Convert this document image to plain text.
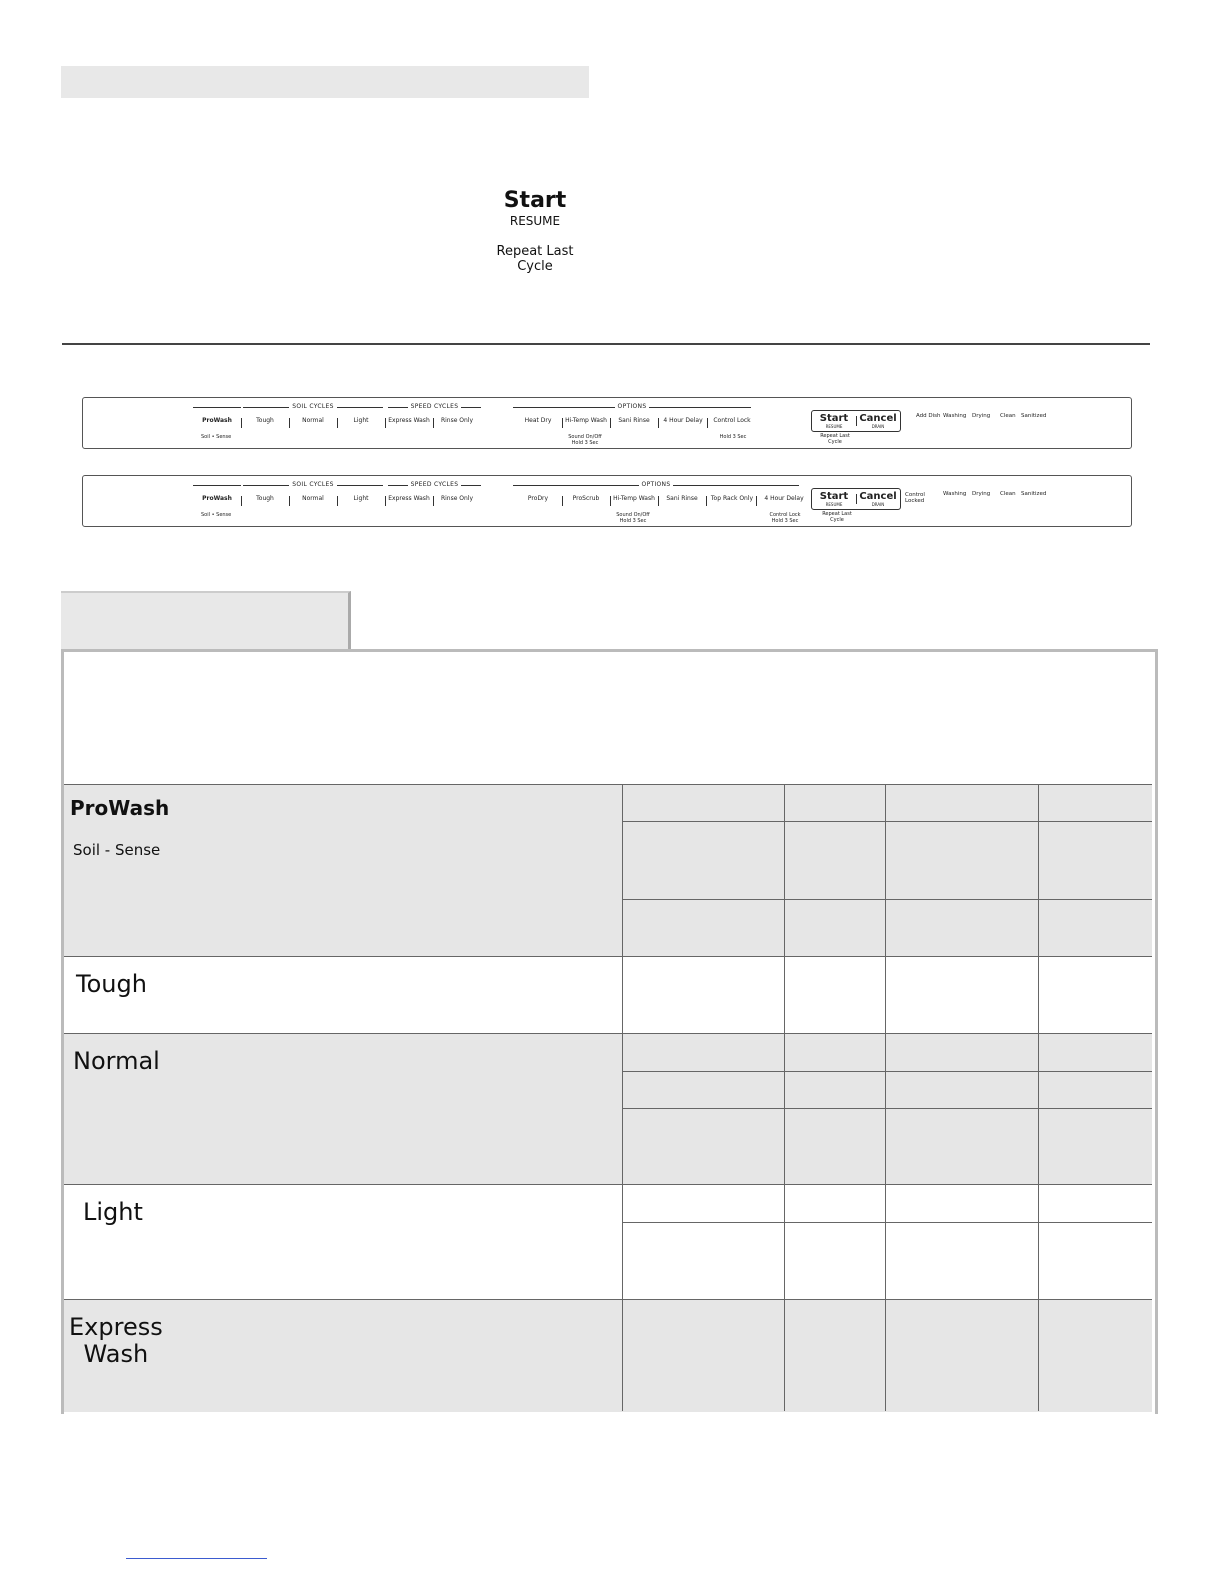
Start
RESUME
Repeat Last
Cycle
SOIL CYCLES	SPEED CYCLES	OPTIONS
ProWash	Tough	Normal	Light	Express Wash	Rinse Only	Heat Dry	Hi-Temp Wash	Sani Rinse	4 Hour Delay	Control Lock
Soil • Sense	Sound On/Off
Hold 3 Sec
Hold 3 Sec
Start
RESUME
Cancel
DRAIN
Repeat Last
Cycle
Add Dish Washing Drying Clean Sanitized
SOIL CYCLES	SPEED CYCLES	OPTIONS
ProWash	Tough	Normal	Light	Express Wash	Rinse Only	ProDry	ProScrub	Hi-Temp Wash	Sani Rinse	Top Rack Only	4 Hour Delay
Soil • Sense	Sound On/Off
Hold 3 Sec
Control Lock
Hold 3 Sec
Start
RESUME
Cancel
DRAIN
Repeat Last
Cycle
Control
Locked
Washing Drying Clean Sanitized
ProWash
Soil - Sense
Tough
Normal
Light
Express
Wash
